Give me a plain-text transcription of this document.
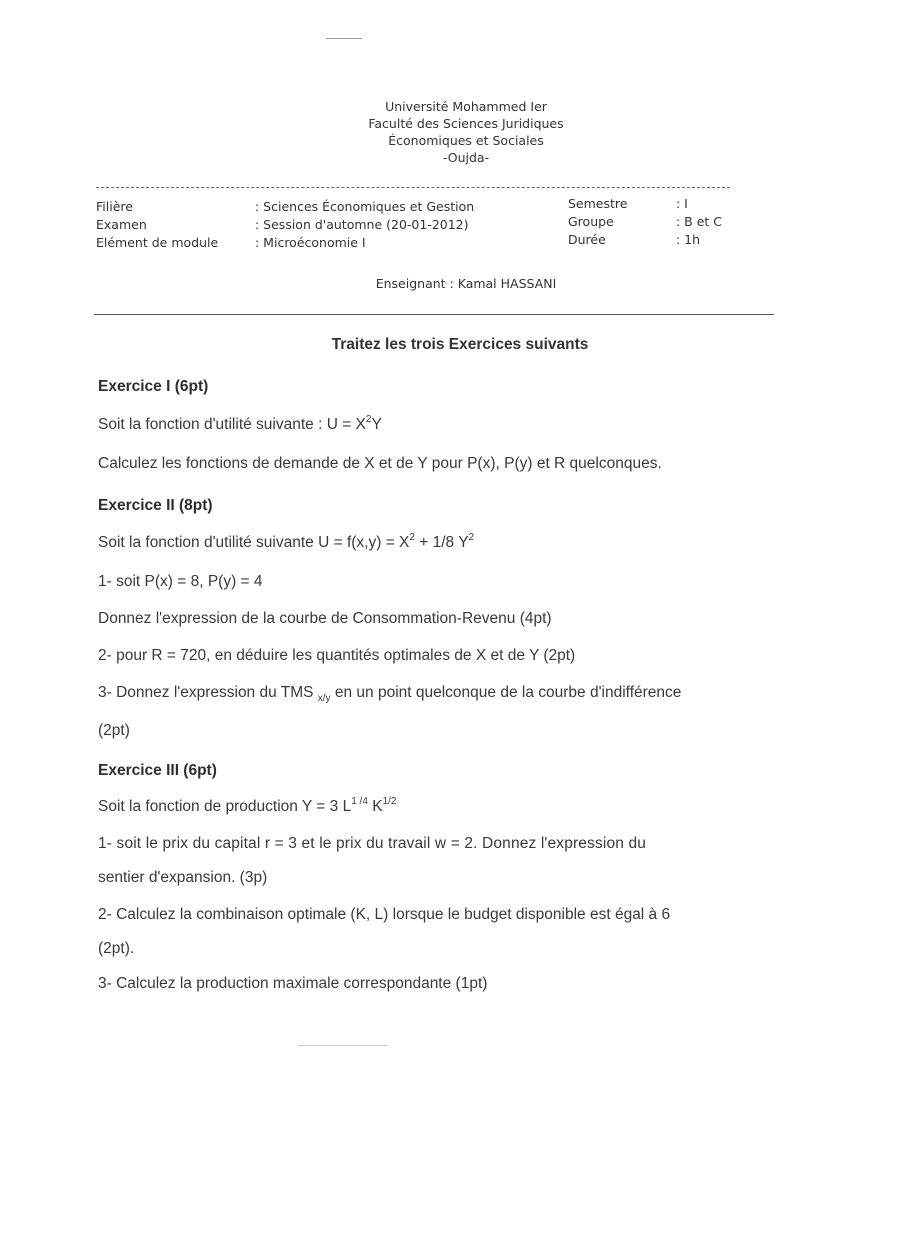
Université Mohammed Ier
Faculté des Sciences Juridiques
Économiques et Sociales
-Oujda-
Filière
Examen
Elément de module
: Sciences Économiques et Gestion
: Session d'automne (20-01-2012)
: Microéconomie I
Semestre
Groupe
Durée
: I
: B et C
: 1h
Enseignant : Kamal HASSANI
Traitez les trois Exercices suivants
Exercice I (6pt)
Soit la fonction d'utilité suivante : $U = X^2Y$
Calculez les fonctions de demande de X et de Y pour P(x), P(y) et R quelconques.
Exercice II (8pt)
Soit la fonction d'utilité suivante $U = f(x,y) = X^2 + 1/8$ $Y^2$
1- soit P(x) = 8, P(y) = 4
Donnez l'expression de la courbe de Consommation-Revenu (4pt)
2- pour R = 720, en déduire les quantités optimales de X et de Y (2pt)
3- Donnez l'expression du TMS $_{x/y}$ en un point quelconque de la courbe d'indifférence
(2pt)
Exercice III (6pt)
Soit la fonction de production Y = 3 $L^{1 /4}$ $K^{1/2}$
1- soit le prix du capital r = 3 et le prix du travail w = 2. Donnez l'expression du
sentier d'expansion. (3p)
2- Calculez la combinaison optimale (K, L) lorsque le budget disponible est égal à 6
(2pt).
3- Calculez la production maximale correspondante (1pt)
